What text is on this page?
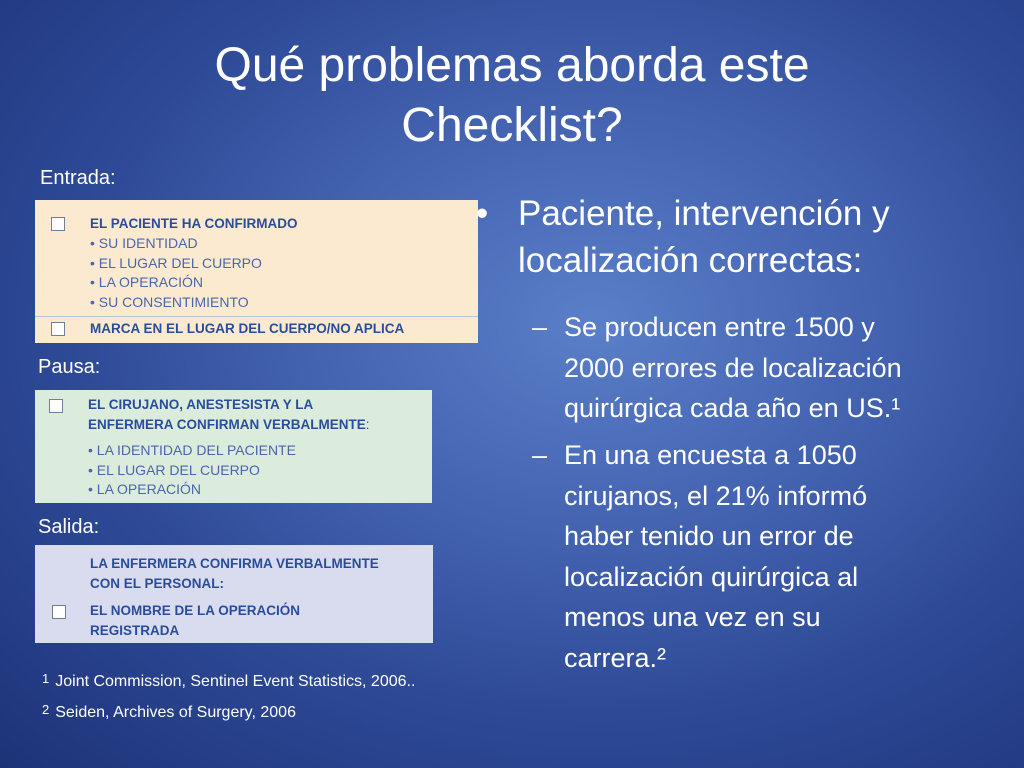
Qué problemas aborda este
Checklist?
Entrada:
EL PACIENTE HA CONFIRMADO
• SU IDENTIDAD
• EL LUGAR DEL CUERPO
• LA OPERACIÓN
• SU CONSENTIMIENTO
MARCA EN EL LUGAR DEL CUERPO/NO APLICA
Pausa:
EL CIRUJANO, ANESTESISTA Y LA
ENFERMERA CONFIRMAN VERBALMENTE:
• LA IDENTIDAD DEL PACIENTE
• EL LUGAR DEL CUERPO
• LA OPERACIÓN
Salida:
LA ENFERMERA CONFIRMA VERBALMENTE
CON EL PERSONAL:
EL NOMBRE DE LA OPERACIÓN
REGISTRADA
• Paciente, intervención y
localización correctas:
– Se producen entre 1500 y
2000 errores de localización
quirúrgica cada año en US.¹
– En una encuesta a 1050
cirujanos, el 21% informó
haber tenido un error de
localización quirúrgica al
menos una vez en su
carrera.²
$^1$ Joint Commission, Sentinel Event Statistics, 2006..
$^2$ Seiden, Archives of Surgery, 2006
